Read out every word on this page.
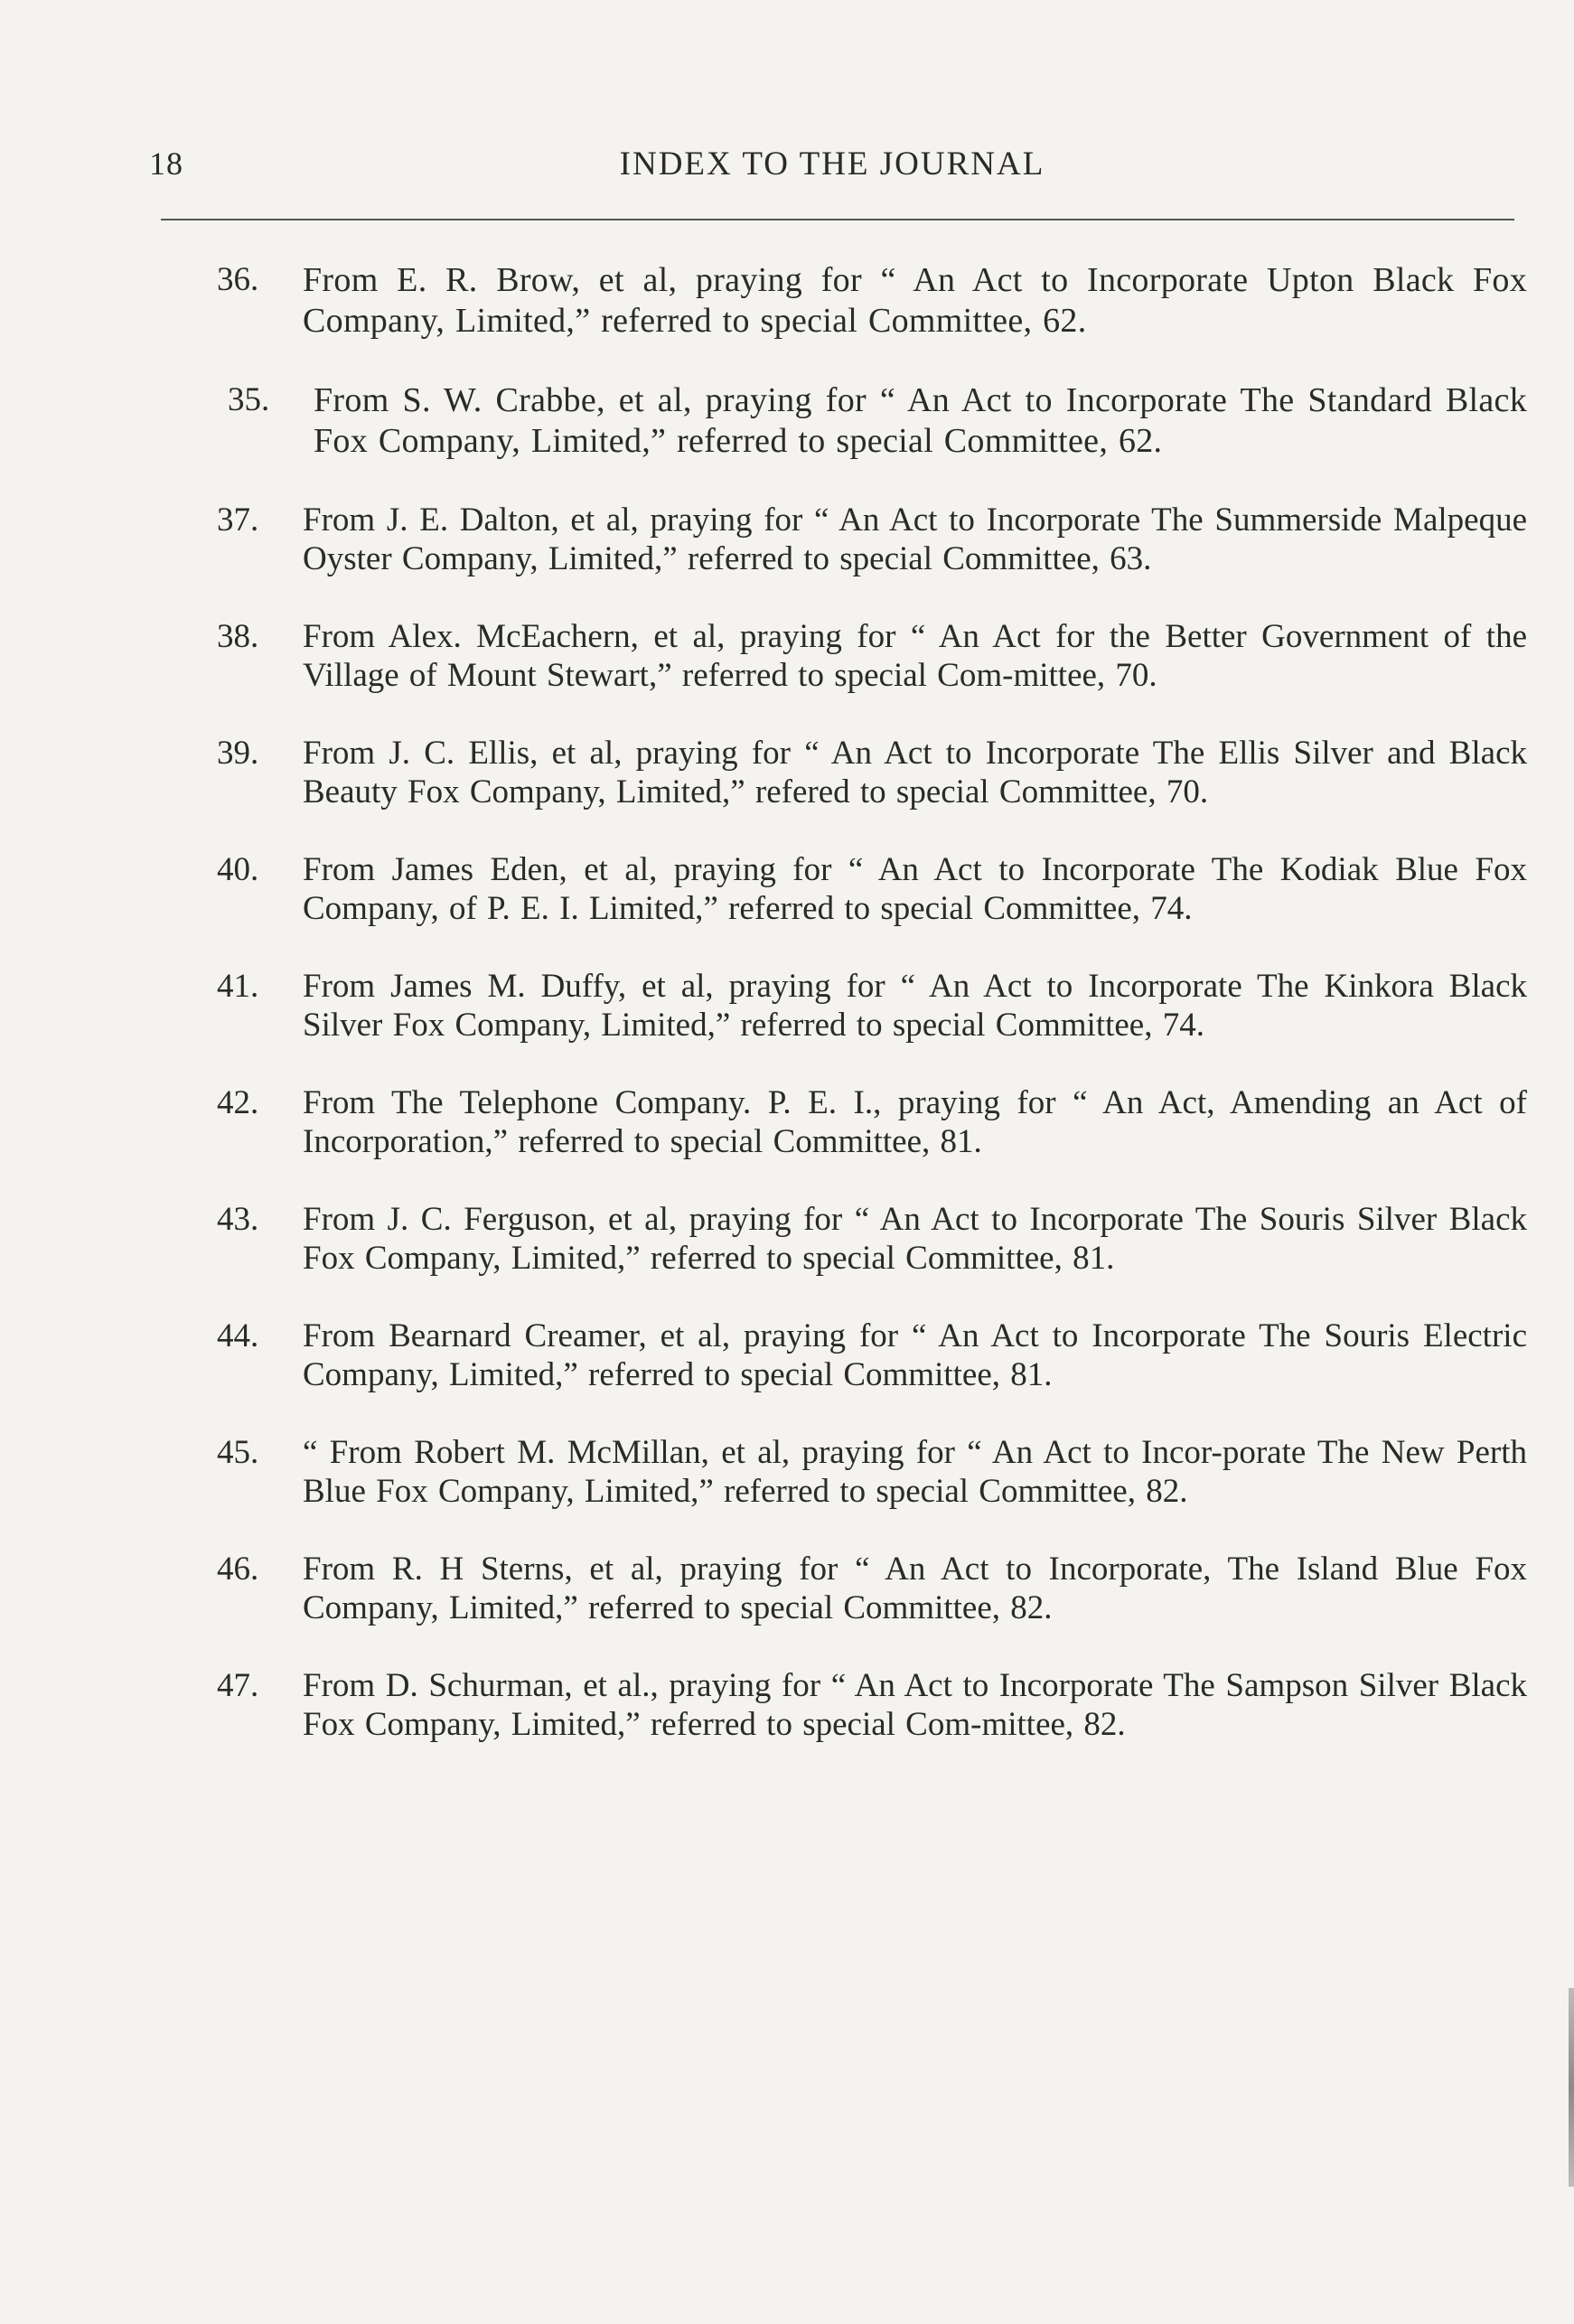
18	INDEX TO THE JOURNAL
36. From E. R. Brow, et al, praying for “ An Act to Incorporate Upton Black Fox Company, Limited,” referred to special Committee, 62.
35. From S. W. Crabbe, et al, praying for “ An Act to Incorporate The Standard Black Fox Company, Limited,” referred to special Committee, 62.
37. From J. E. Dalton, et al, praying for “ An Act to Incorporate The Summerside Malpeque Oyster Company, Limited,” referred to special Committee, 63.
38. From Alex. McEachern, et al, praying for “ An Act for the Better Government of the Village of Mount Stewart,” referred to special Com-mittee, 70.
39. From J. C. Ellis, et al, praying for “ An Act to Incorporate The Ellis Silver and Black Beauty Fox Company, Limited,” refered to special Committee, 70.
40. From James Eden, et al, praying for “ An Act to Incorporate The Kodiak Blue Fox Company, of P. E. I. Limited,” referred to special Committee, 74.
41. From James M. Duffy, et al, praying for “ An Act to Incorporate The Kinkora Black Silver Fox Company, Limited,” referred to special Committee, 74.
42. From The Telephone Company. P. E. I., praying for “ An Act, Amending an Act of Incorporation,” referred to special Committee, 81.
43. From J. C. Ferguson, et al, praying for “ An Act to Incorporate The Souris Silver Black Fox Company, Limited,” referred to special Committee, 81.
44. From Bearnard Creamer, et al, praying for “ An Act to Incorporate The Souris Electric Company, Limited,” referred to special Committee, 81.
45. “ From Robert M. McMillan, et al, praying for “ An Act to Incor-porate The New Perth Blue Fox Company, Limited,” referred to special Committee, 82.
46. From R. H Sterns, et al, praying for “ An Act to Incorporate, The Island Blue Fox Company, Limited,” referred to special Committee, 82.
47. From D. Schurman, et al., praying for “ An Act to Incorporate The Sampson Silver Black Fox Company, Limited,” referred to special Com-mittee, 82.
